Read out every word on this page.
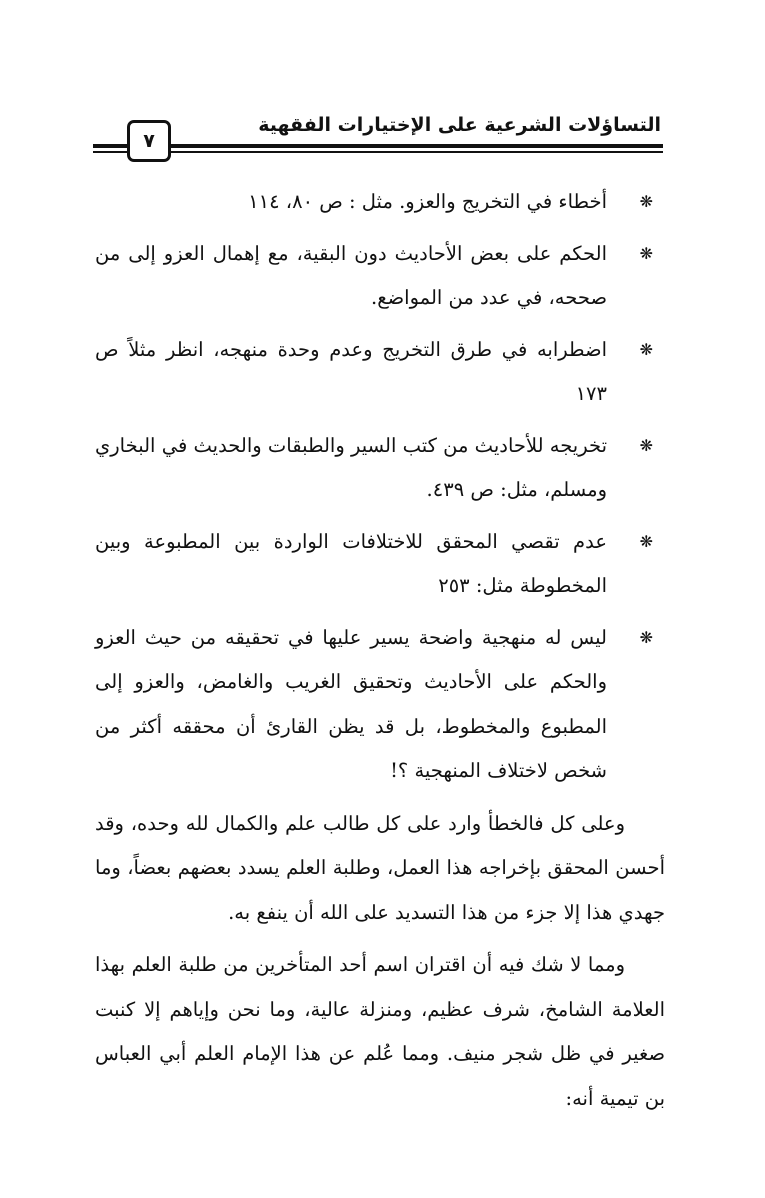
التساؤلات الشرعية على الإختيارات الفقهية
٧
❋
أخطاء في التخريج والعزو. مثل : ص ٨٠، ١١٤
❋
الحكم على بعض الأحاديث دون البقية، مع إهمال العزو إلى من صححه، في عدد من المواضع.
❋
اضطرابه في طرق التخريج وعدم وحدة منهجه، انظر مثلاً ص ١٧٣
❋
تخريجه للأحاديث من كتب السير والطبقات والحديث في البخاري ومسلم، مثل: ص ٤٣٩.
❋
عدم تقصي المحقق للاختلافات الواردة بين المطبوعة وبين المخطوطة مثل: ٢٥٣
❋
ليس له منهجية واضحة يسير عليها في تحقيقه من حيث العزو والحكم على الأحاديث وتحقيق الغريب والغامض، والعزو إلى المطبوع والمخطوط، بل قد يظن القارئ أن محققه أكثر من شخص لاختلاف المنهجية ؟!

وعلى كل فالخطأ وارد على كل طالب علم والكمال لله وحده، وقد أحسن المحقق بإخراجه هذا العمل، وطلبة العلم يسدد بعضهم بعضاً، وما جهدي هذا إلا جزء من هذا التسديد على الله أن ينفع به.

ومما لا شك فيه أن اقتران اسم أحد المتأخرين من طلبة العلم بهذا العلامة الشامخ، شرف عظيم، ومنزلة عالية، وما نحن وإياهم إلا كنبت صغير في ظل شجر منيف. ومما عُلم عن هذا الإمام العلم أبي العباس بن تيمية أنه:
